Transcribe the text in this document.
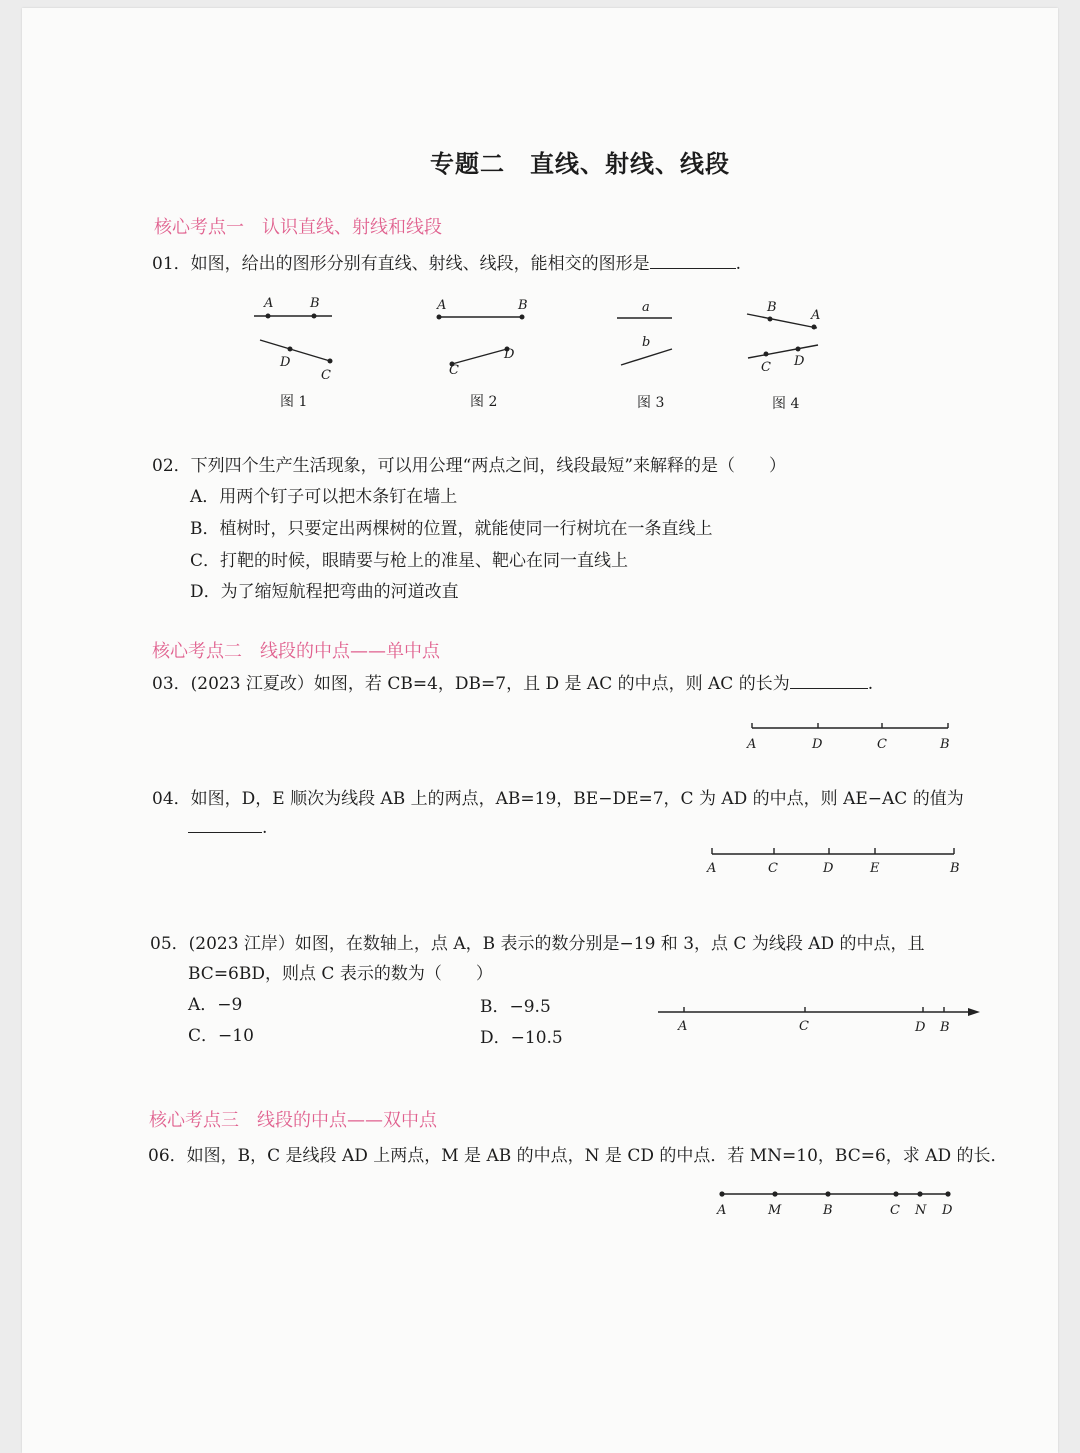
专题二　直线、射线、线段
核心考点一　认识直线、射线和线段
01．如图，给出的图形分别有直线、射线、线段，能相交的图形是	.
A	B
D
C
图 1
A	B
D
C
图 2
a
b
图 3
B
A
C D
图 4
02．下列四个生产生活现象，可以用公理“两点之间，线段最短”来解释的是（　　）
A．用两个钉子可以把木条钉在墙上
B．植树时，只要定出两棵树的位置，就能使同一行树坑在一条直线上
C．打靶的时候，眼睛要与枪上的准星、靶心在同一直线上
D．为了缩短航程把弯曲的河道改直
核心考点二　线段的中点——单中点
03．(2023 江夏改）如图，若 CB=4，DB=7，且 D 是 AC 的中点，则 AC 的长为	.
A	D	C	B
04．如图，D，E 顺次为线段 AB 上的两点，AB=19，BE−DE=7，C 为 AD 的中点，则 AE−AC 的值为
.
A	C	D	E	B
05．(2023 江岸）如图，在数轴上，点 A，B 表示的数分别是−19 和 3，点 C 为线段 AD 的中点，且
BC=6BD，则点 C 表示的数为（　　）
A．−9	B．−9.5
C．−10	D．−10.5
A	C	D B
核心考点三　线段的中点——双中点
06．如图，B，C 是线段 AD 上两点，M 是 AB 的中点，N 是 CD 的中点．若 MN=10，BC=6，求 AD 的长．
A	M	B	C N D
